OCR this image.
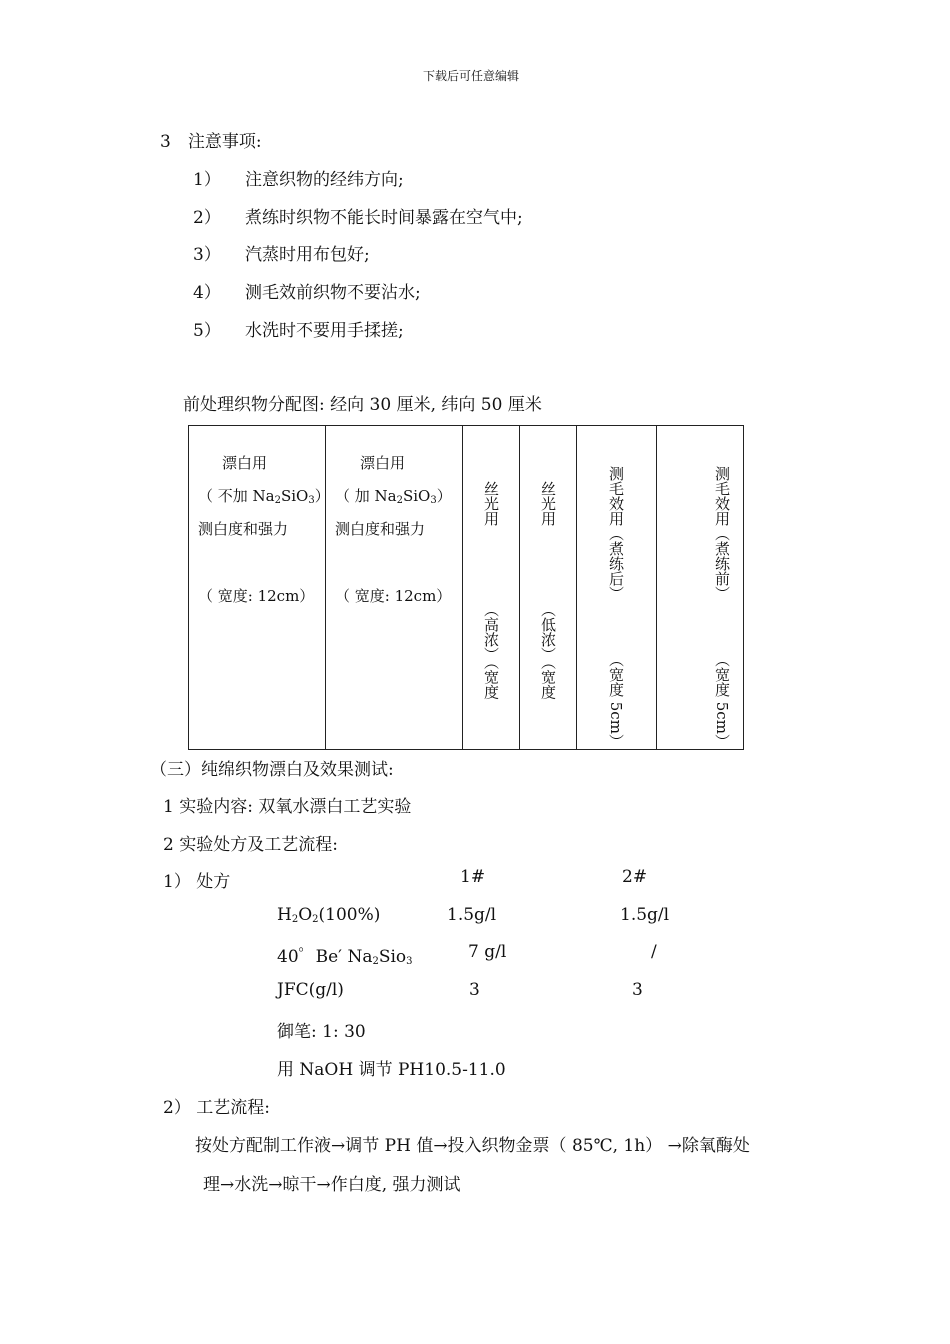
下载后可任意编辑
3　注意事项:
1） 注意织物的经纬方向;
2） 煮练时织物不能长时间暴露在空气中;
3） 汽蒸时用布包好;
4） 测毛效前织物不要沾水;
5） 水洗时不要用手揉搓;
前处理织物分配图: 经向 30 厘米, 纬向 50 厘米
漂白用
（ 不加 $Na_2SiO_3$）
测白度和强力
（ 宽度: 12cm）

漂白用
（ 加 $Na_2SiO_3$）
测白度和强力
（ 宽度: 12cm）

丝光用
（高浓）（宽度

丝光用
（低浓）（宽度

测毛效用（煮练后）
（宽度 5cm）

测毛效用（煮练前）
（宽度 5cm）
（三）纯绵织物漂白及效果测试:
1 实验内容: 双氧水漂白工艺实验
2 实验处方及工艺流程:
1） 处方	1#	2#
$H_2O_2(100\%)$	1.5g/l	1.5g/l
40゜Be′ $Na_2Sio_3$	7 g/l	/
JFC(g/l)	3	3
御笔: 1: 30
用 NaOH 调节 PH10.5-11.0
2） 工艺流程:
按处方配制工作液→调节 PH 值→投入织物金票（ 85℃, 1h） →除氧酶处
理→水洗→晾干→作白度, 强力测试
